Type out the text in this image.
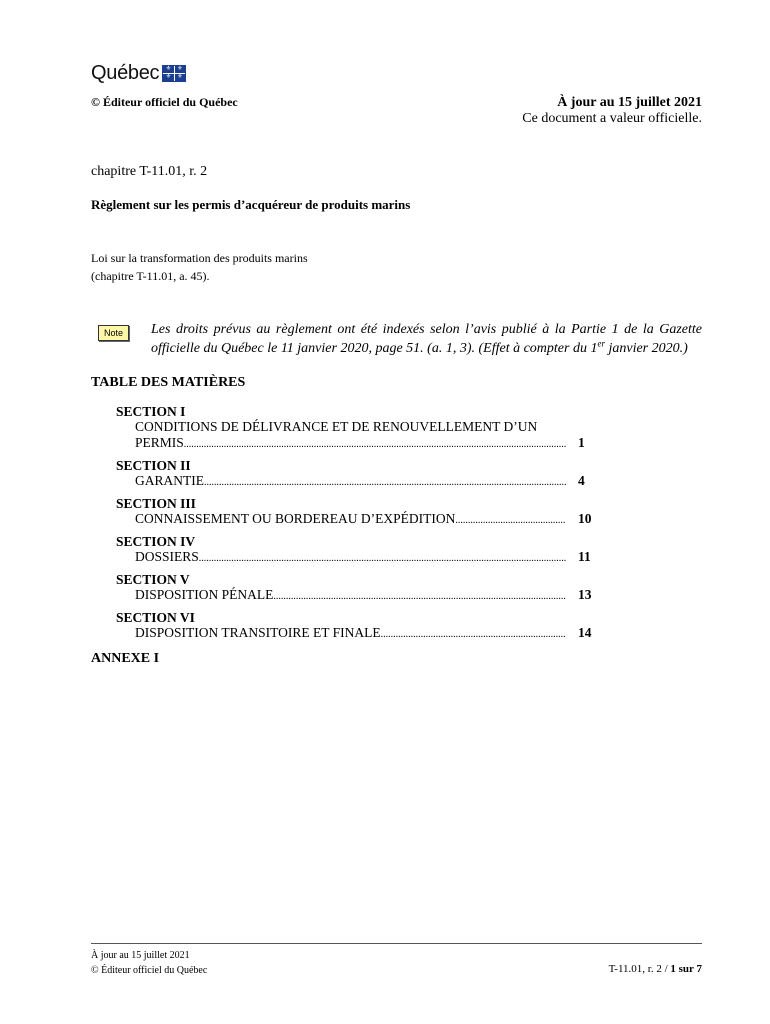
Québec	⚜	⚜
⚜	⚜
© Éditeur officiel du Québec	À jour au 15 juillet 2021
Ce document a valeur officielle.
chapitre T-11.01, r. 2
Règlement sur les permis d’acquéreur de produits marins
Loi sur la transformation des produits marins
(chapitre T-11.01, a. 45).
Note	Les droits prévus au règlement ont été indexés selon l’avis publié à la Partie 1 de la Gazette officielle du Québec le 11 janvier 2020, page 51. (a. 1, 3). (Effet à compter du 1er janvier 2020.)
TABLE DES MATIÈRES
SECTION I
CONDITIONS DE DÉLIVRANCE ET DE RENOUVELLEMENT D’UN
PERMIS .....	1
SECTION II
GARANTIE .....	4
SECTION III
CONNAISSEMENT OU BORDEREAU D’EXPÉDITION .....	10
SECTION IV
DOSSIERS .....	11
SECTION V
DISPOSITION PÉNALE .....	13
SECTION VI
DISPOSITION TRANSITOIRE ET FINALE .....	14
ANNEXE I
À jour au 15 juillet 2021
© Éditeur officiel du Québec	T-11.01, r. 2 / 1 sur 7
